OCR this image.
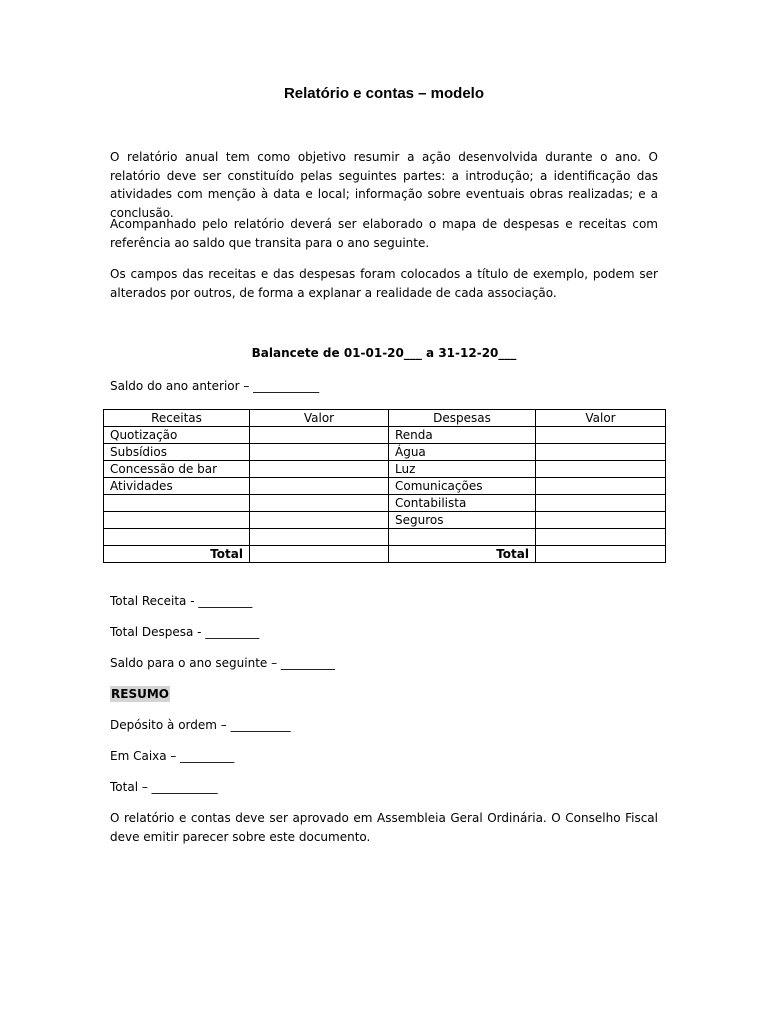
Relatório e contas – modelo

O relatório anual tem como objetivo resumir a ação desenvolvida durante o ano. O relatório deve ser constituído pelas seguintes partes: a introdução; a identificação das atividades com menção à data e local; informação sobre eventuais obras realizadas; e a conclusão.

Acompanhado pelo relatório deverá ser elaborado o mapa de despesas e receitas com referência ao saldo que transita para o ano seguinte.

Os campos das receitas e das despesas foram colocados a título de exemplo, podem ser alterados por outros, de forma a explanar a realidade de cada associação.

Balancete de 01-01-20___ a 31-12-20___
Saldo do ano anterior – ___________
Receitas	Valor	Despesas	Valor
Quotização		Renda	
Subsídios		Água	
Concessão de bar		Luz	
Atividades		Comunicações	
		Contabilista	
		Seguros	

Total		Total	
Total Receita - _________
Total Despesa - _________
Saldo para o ano seguinte – _________
RESUMO
Depósito à ordem – __________
Em Caixa – _________
Total – ___________

O relatório e contas deve ser aprovado em Assembleia Geral Ordinária. O Conselho Fiscal deve emitir parecer sobre este documento.
